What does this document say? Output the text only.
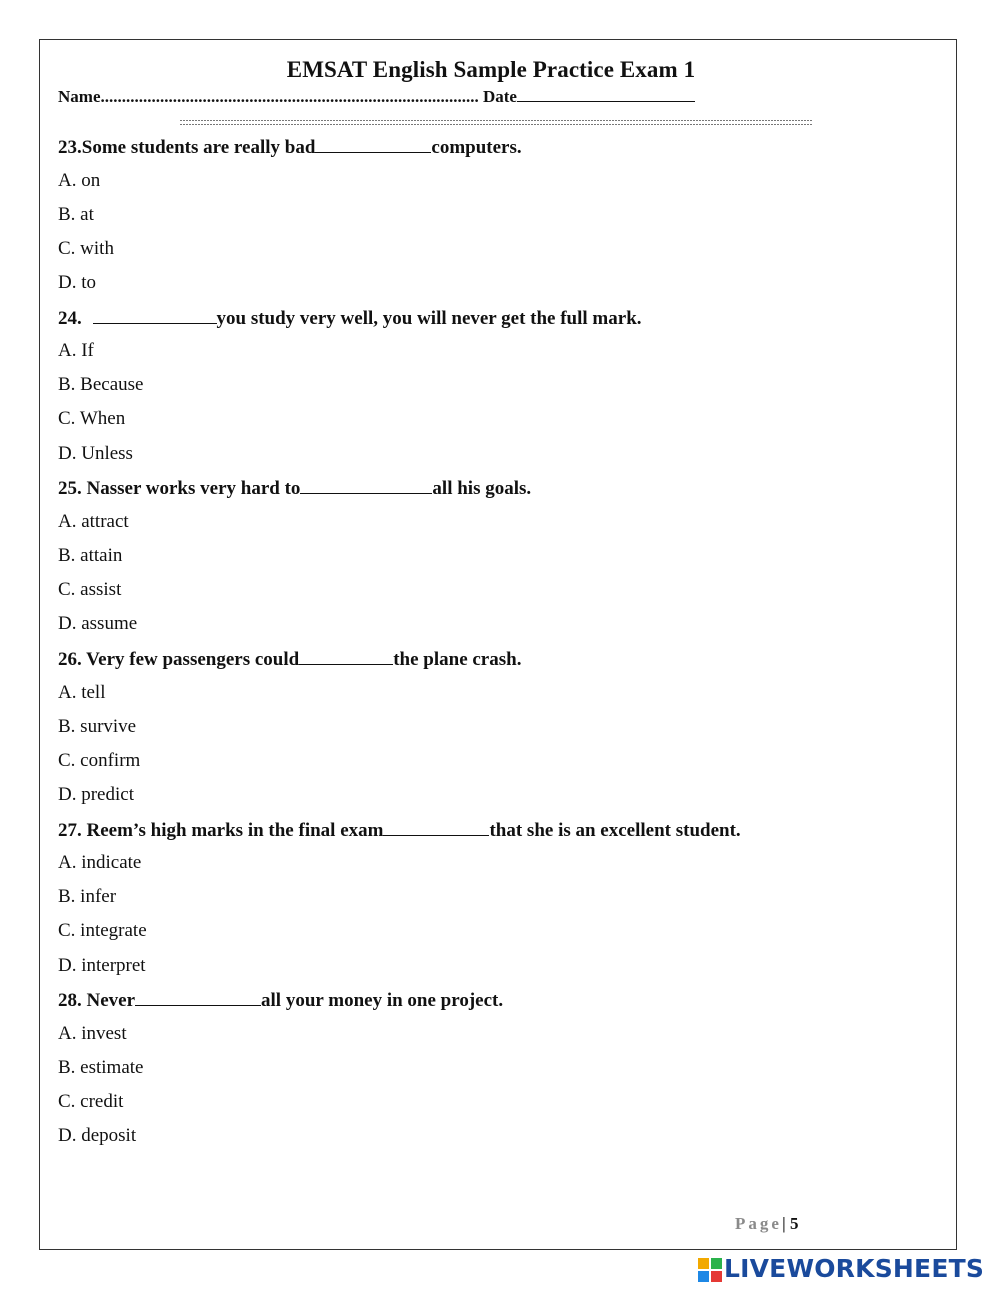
EMSAT English Sample Practice Exam 1
Name......................................................................................... Date
23.Some students are really bad	computers.
A. on
B. at
C. with
D. to
24.	you study very well, you will never get the full mark.
A. If
B. Because
C. When
D. Unless
25. Nasser works very hard to	all his goals.
A. attract
B. attain
C. assist
D. assume
26. Very few passengers could	the plane crash.
A. tell
B. survive
C. confirm
D. predict
27. Reem’s high marks in the final exam	that she is an excellent student.
A. indicate
B. infer
C. integrate
D. interpret
28. Never	all your money in one project.
A. invest
B. estimate
C. credit
D. deposit
Page| 5
LIVEWORKSHEETS
